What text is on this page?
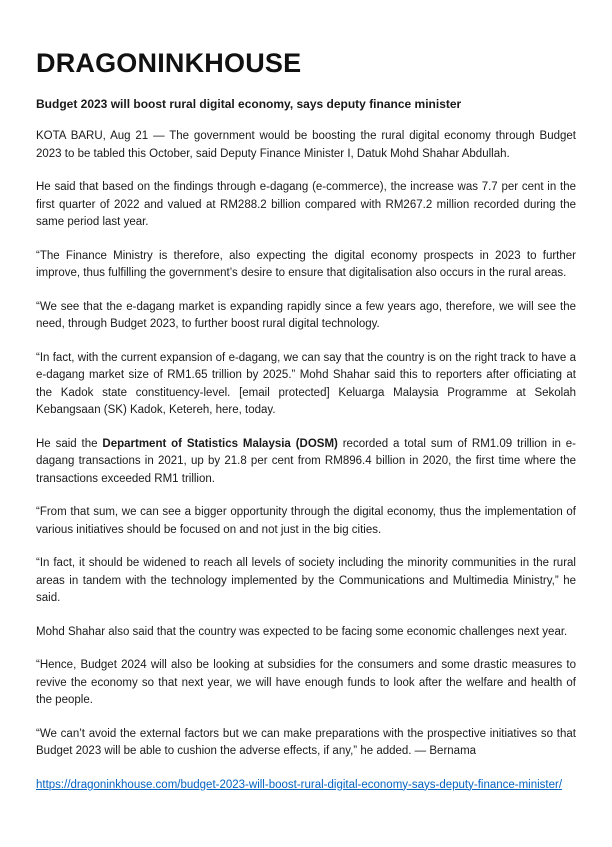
DRAGONINKHOUSE
Budget 2023 will boost rural digital economy, says deputy finance minister

KOTA BARU, Aug 21 — The government would be boosting the rural digital economy through Budget 2023 to be tabled this October, said Deputy Finance Minister I, Datuk Mohd Shahar Abdullah.

He said that based on the findings through e-dagang (e-commerce), the increase was 7.7 per cent in the first quarter of 2022 and valued at RM288.2 billion compared with RM267.2 million recorded during the same period last year.

“The Finance Ministry is therefore, also expecting the digital economy prospects in 2023 to further improve, thus fulfilling the government’s desire to ensure that digitalisation also occurs in the rural areas.

“We see that the e-dagang market is expanding rapidly since a few years ago, therefore, we will see the need, through Budget 2023, to further boost rural digital technology.

“In fact, with the current expansion of e-dagang, we can say that the country is on the right track to have a e-dagang market size of RM1.65 trillion by 2025.” Mohd Shahar said this to reporters after officiating at the Kadok state constituency-level. [email protected] Keluarga Malaysia Programme at Sekolah Kebangsaan (SK) Kadok, Ketereh, here, today.

He said the Department of Statistics Malaysia (DOSM) recorded a total sum of RM1.09 trillion in e-dagang transactions in 2021, up by 21.8 per cent from RM896.4 billion in 2020, the first time where the transactions exceeded RM1 trillion.

“From that sum, we can see a bigger opportunity through the digital economy, thus the implementation of various initiatives should be focused on and not just in the big cities.

“In fact, it should be widened to reach all levels of society including the minority communities in the rural areas in tandem with the technology implemented by the Communications and Multimedia Ministry,” he said.

Mohd Shahar also said that the country was expected to be facing some economic challenges next year.

“Hence, Budget 2024 will also be looking at subsidies for the consumers and some drastic measures to revive the economy so that next year, we will have enough funds to look after the welfare and health of the people.

“We can’t avoid the external factors but we can make preparations with the prospective initiatives so that Budget 2023 will be able to cushion the adverse effects, if any,” he added. — Bernama

https://dragoninkhouse.com/budget-2023-will-boost-rural-digital-economy-says-deputy-finance-minister/
